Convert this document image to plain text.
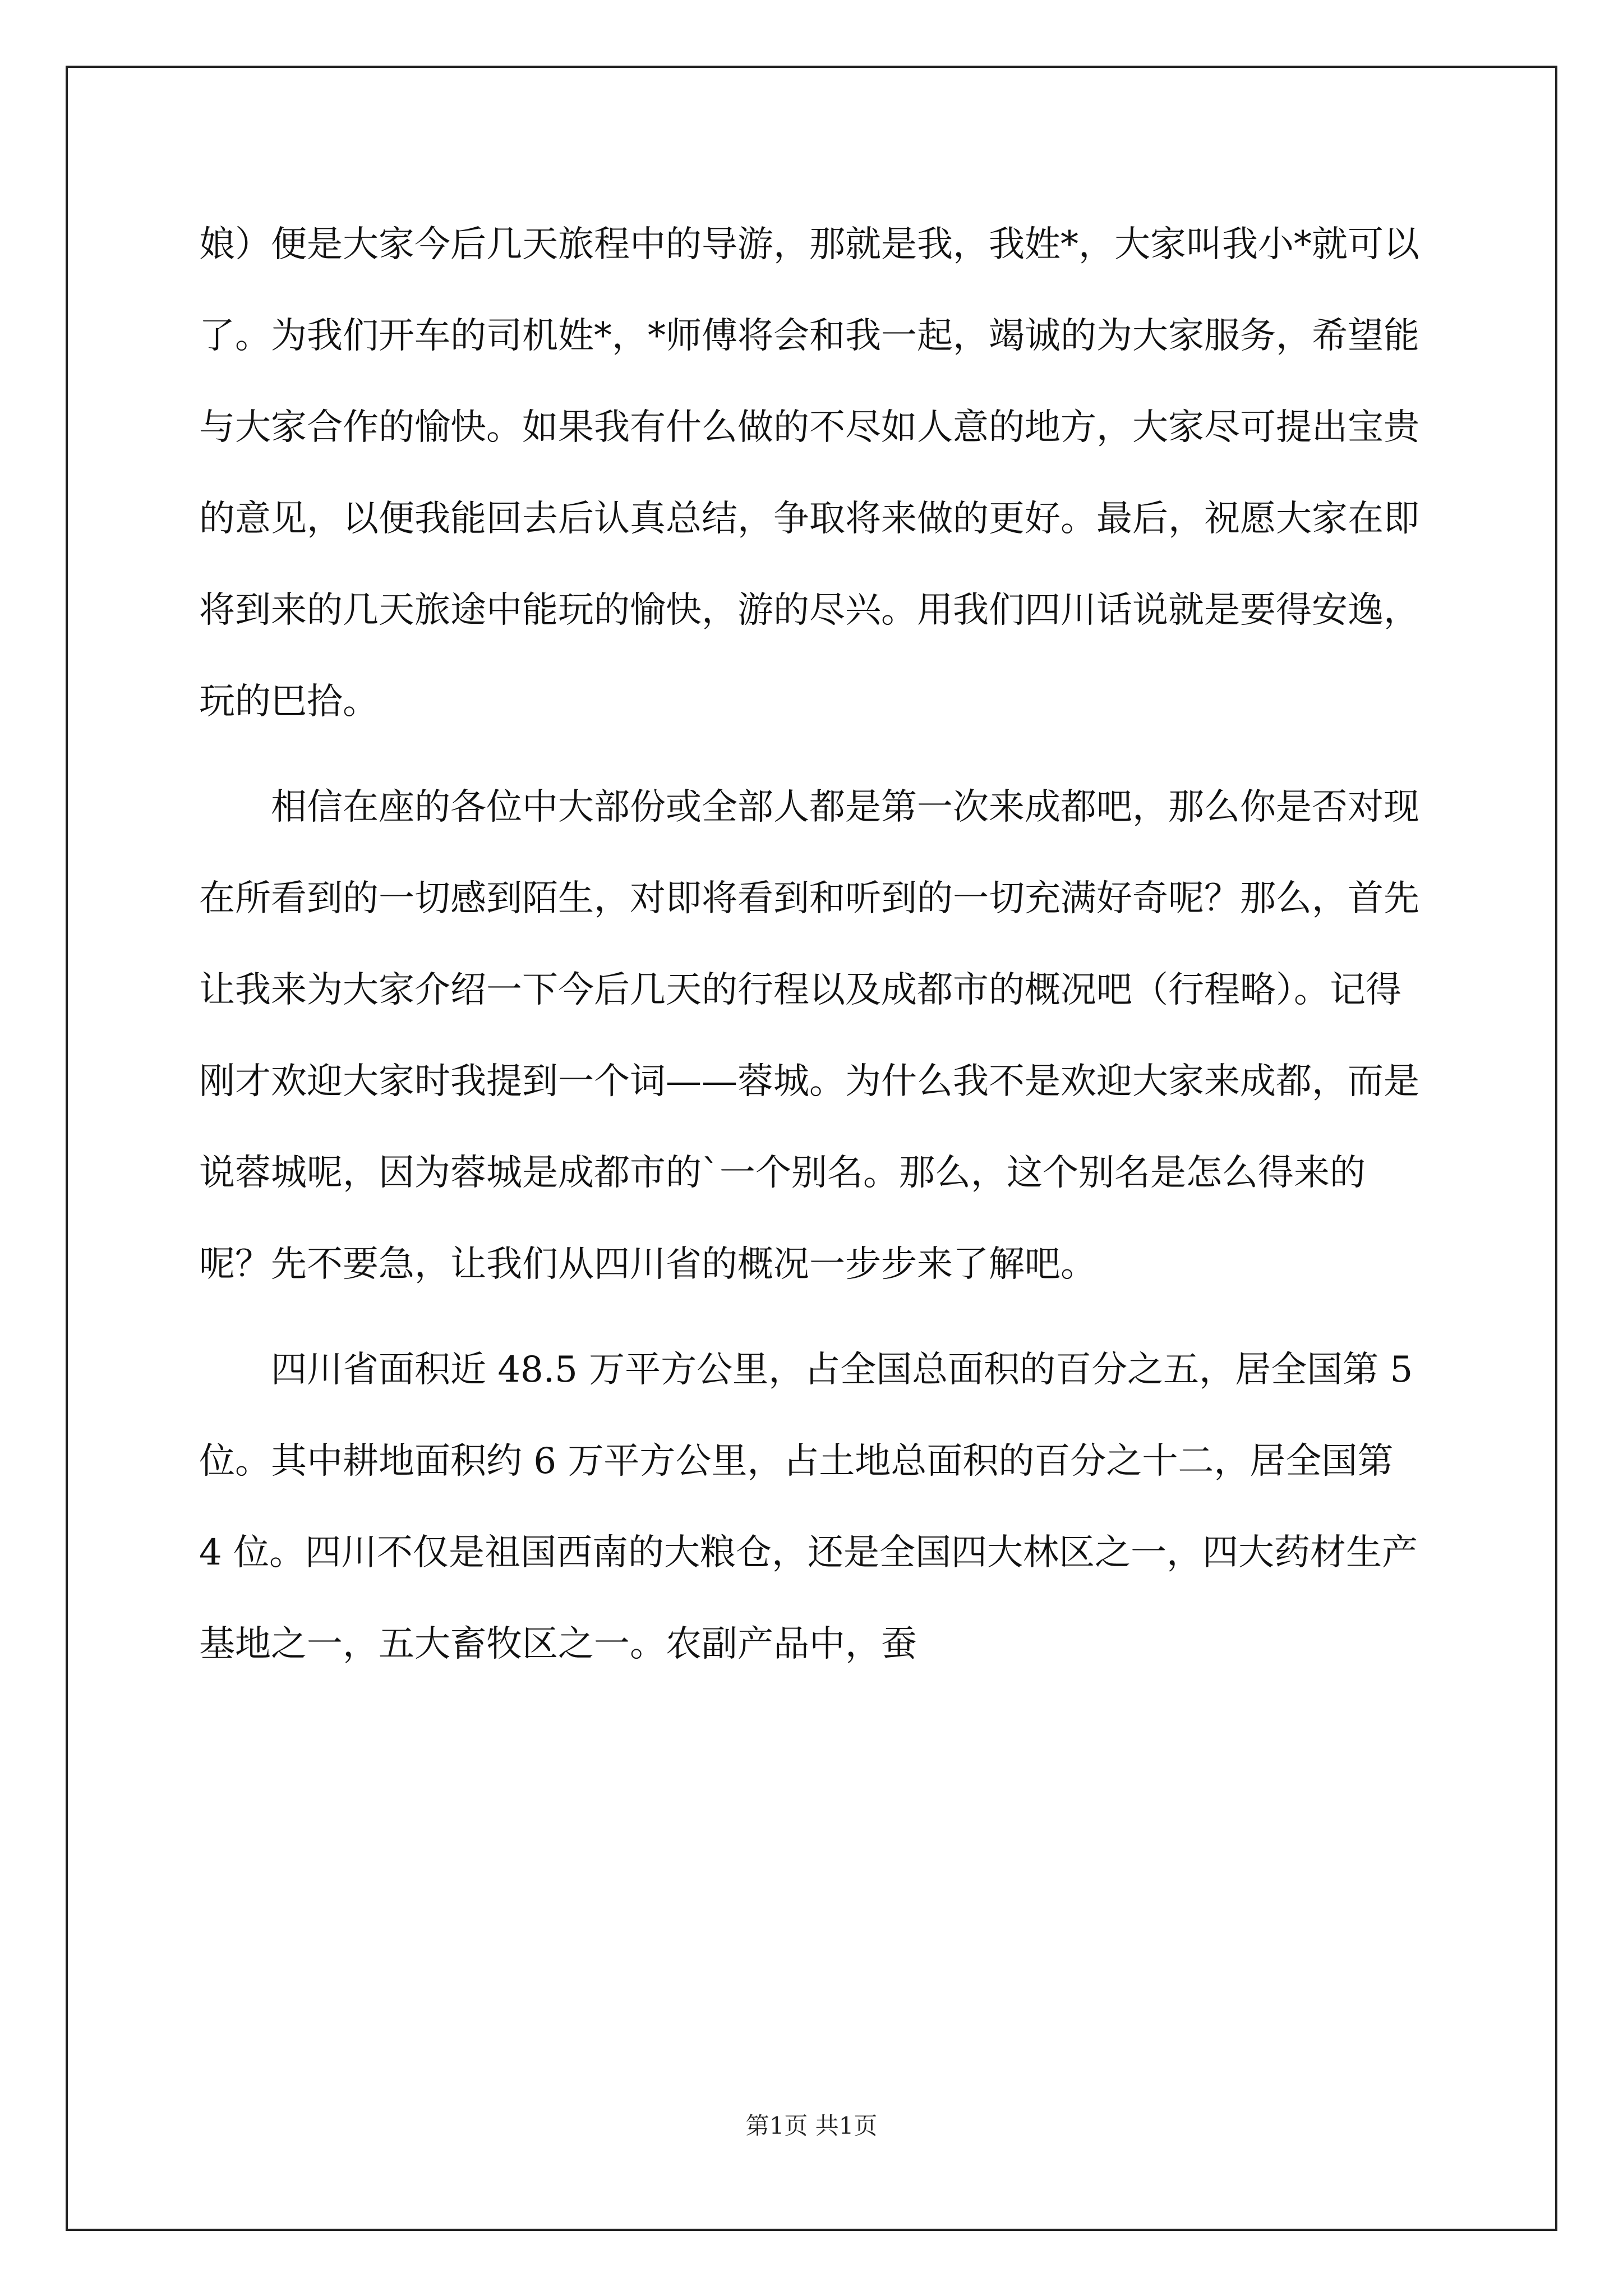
娘）便是大家今后几天旅程中的导游，那就是我，我姓*，大家叫我小*就可以了。为我们开车的司机姓*，*师傅将会和我一起，竭诚的为大家服务，希望能与大家合作的愉快。如果我有什么做的不尽如人意的地方，大家尽可提出宝贵的意见，以便我能回去后认真总结，争取将来做的更好。最后，祝愿大家在即将到来的几天旅途中能玩的愉快，游的尽兴。用我们四川话说就是要得安逸，玩的巴拾。

相信在座的各位中大部份或全部人都是第一次来成都吧，那么你是否对现在所看到的一切感到陌生，对即将看到和听到的一切充满好奇呢？那么，首先让我来为大家介绍一下今后几天的行程以及成都市的概况吧（行程略）。记得刚才欢迎大家时我提到一个词——蓉城。为什么我不是欢迎大家来成都，而是说蓉城呢，因为蓉城是成都市的`一个别名。那么，这个别名是怎么得来的呢？先不要急，让我们从四川省的概况一步步来了解吧。

四川省面积近 48.5 万平方公里，占全国总面积的百分之五，居全国第 5 位。其中耕地面积约 6 万平方公里，占土地总面积的百分之十二，居全国第 4 位。四川不仅是祖国西南的大粮仓，还是全国四大林区之一，四大药材生产基地之一，五大畜牧区之一。农副产品中，蚕

第1页 共1页
